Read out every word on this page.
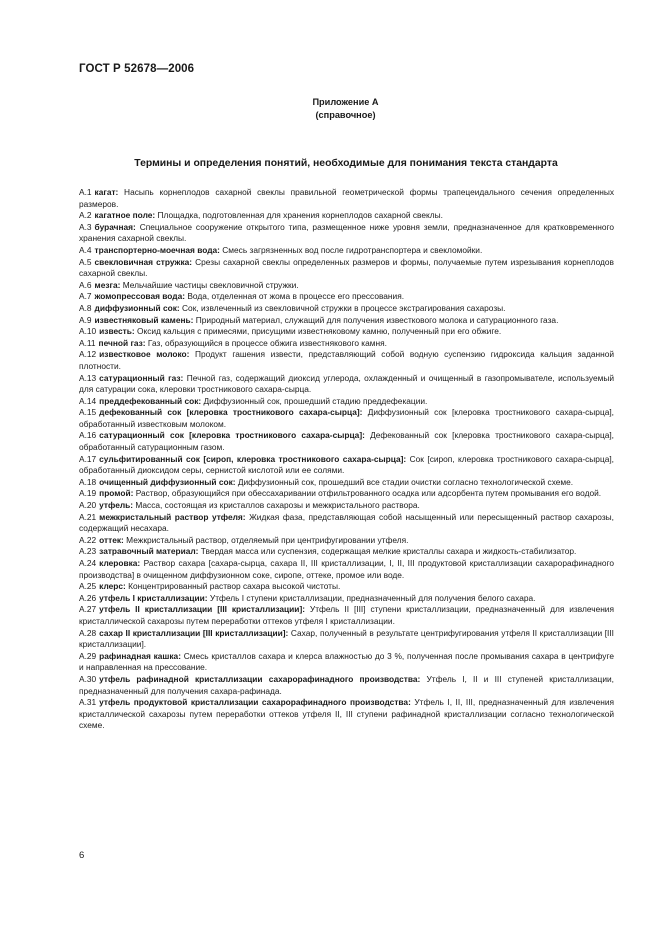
ГОСТ Р 52678—2006
Приложение А
(справочное)
Термины и определения понятий, необходимые для понимания текста стандарта

А.1 кагат: Насыпь корнеплодов сахарной свеклы правильной геометрической формы трапецеидального сечения определенных размеров.

А.2 кагатное поле: Площадка, подготовленная для хранения корнеплодов сахарной свеклы.

А.3 бурачная: Специальное сооружение открытого типа, размещенное ниже уровня земли, предназначенное для кратковременного хранения сахарной свеклы.

А.4 транспортерно-моечная вода: Смесь загрязненных вод после гидротранспортера и свекломойки.

А.5 свекловичная стружка: Срезы сахарной свеклы определенных размеров и формы, получаемые путем изрезывания корнеплодов сахарной свеклы.

А.6 мезга: Мельчайшие частицы свекловичной стружки.

А.7 жомопрессовая вода: Вода, отделенная от жома в процессе его прессования.

А.8 диффузионный сок: Сок, извлеченный из свекловичной стружки в процессе экстрагирования сахарозы.

А.9 известняковый камень: Природный материал, служащий для получения известкового молока и сатурационного газа.

А.10 известь: Оксид кальция с примесями, присущими известняковому камню, полученный при его обжиге.

А.11 печной газ: Газ, образующийся в процессе обжига известнякового камня.

А.12 известковое молоко: Продукт гашения извести, представляющий собой водную суспензию гидроксида кальция заданной плотности.

А.13 сатурационный газ: Печной газ, содержащий диоксид углерода, охлажденный и очищенный в газопромывателе, используемый для сатурации сока, клеровки тростникового сахара-сырца.

А.14 преддефекованный сок: Диффузионный сок, прошедший стадию преддефекации.

А.15 дефекованный сок [клеровка тростникового сахара-сырца]: Диффузионный сок [клеровка тростникового сахара-сырца], обработанный известковым молоком.

А.16 сатурационный сок [клеровка тростникового сахара-сырца]: Дефекованный сок [клеровка тростникового сахара-сырца], обработанный сатурационным газом.

А.17 сульфитированный сок [сироп, клеровка тростникового сахара-сырца]: Сок [сироп, клеровка тростникового сахара-сырца], обработанный диоксидом серы, сернистой кислотой или ее солями.

А.18 очищенный диффузионный сок: Диффузионный сок, прошедший все стадии очистки согласно технологической схеме.

А.19 промой: Раствор, образующийся при обессахаривании отфильтрованного осадка или адсорбента путем промывания его водой.

А.20 утфель: Масса, состоящая из кристаллов сахарозы и межкристального раствора.

А.21 межкристальный раствор утфеля: Жидкая фаза, представляющая собой насыщенный или пересыщенный раствор сахарозы, содержащий несахара.

А.22 оттек: Межкристальный раствор, отделяемый при центрифугировании утфеля.

А.23 затравочный материал: Твердая масса или суспензия, содержащая мелкие кристаллы сахара и жидкость-стабилизатор.

А.24 клеровка: Раствор сахара [сахара-сырца, сахара II, III кристаллизации, I, II, III продуктовой кристаллизации сахарорафинадного производства] в очищенном диффузионном соке, сиропе, оттеке, промое или воде.

А.25 клерс: Концентрированный раствор сахара высокой чистоты.

А.26 утфель I кристаллизации: Утфель I ступени кристаллизации, предназначенный для получения белого сахара.

А.27 утфель II кристаллизации [III кристаллизации]: Утфель II [III] ступени кристаллизации, предназначенный для извлечения кристаллической сахарозы путем переработки оттеков утфеля I кристаллизации.

А.28 сахар II кристаллизации [III кристаллизации]: Сахар, полученный в результате центрифугирования утфеля II кристаллизации [III кристаллизации].

А.29 рафинадная кашка: Смесь кристаллов сахара и клерса влажностью до 3 %, полученная после промывания сахара в центрифуге и направленная на прессование.

А.30 утфель рафинадной кристаллизации сахарорафинадного производства: Утфель I, II и III ступеней кристаллизации, предназначенный для получения сахара-рафинада.

А.31 утфель продуктовой кристаллизации сахарорафинадного производства: Утфель I, II, III, предназначенный для извлечения кристаллической сахарозы путем переработки оттеков утфеля II, III ступени рафинадной кристаллизации согласно технологической схеме.

6
